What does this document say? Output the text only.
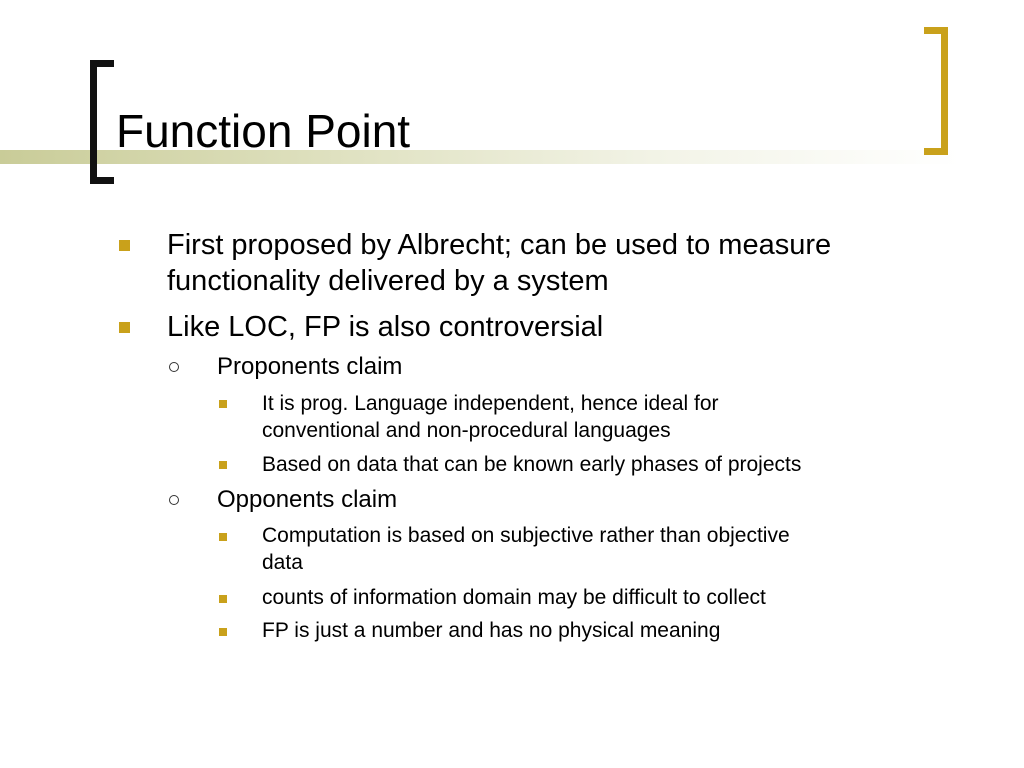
Function Point
First proposed by Albrecht; can be used to measure
functionality delivered by a system
Like LOC, FP is also controversial
Proponents claim
It is prog. Language independent, hence ideal for
conventional and non-procedural languages
Based on data that can be known early phases of projects
Opponents claim
Computation is based on subjective rather than objective
data
counts of information domain may be difficult to collect
FP is just a number and has no physical meaning
